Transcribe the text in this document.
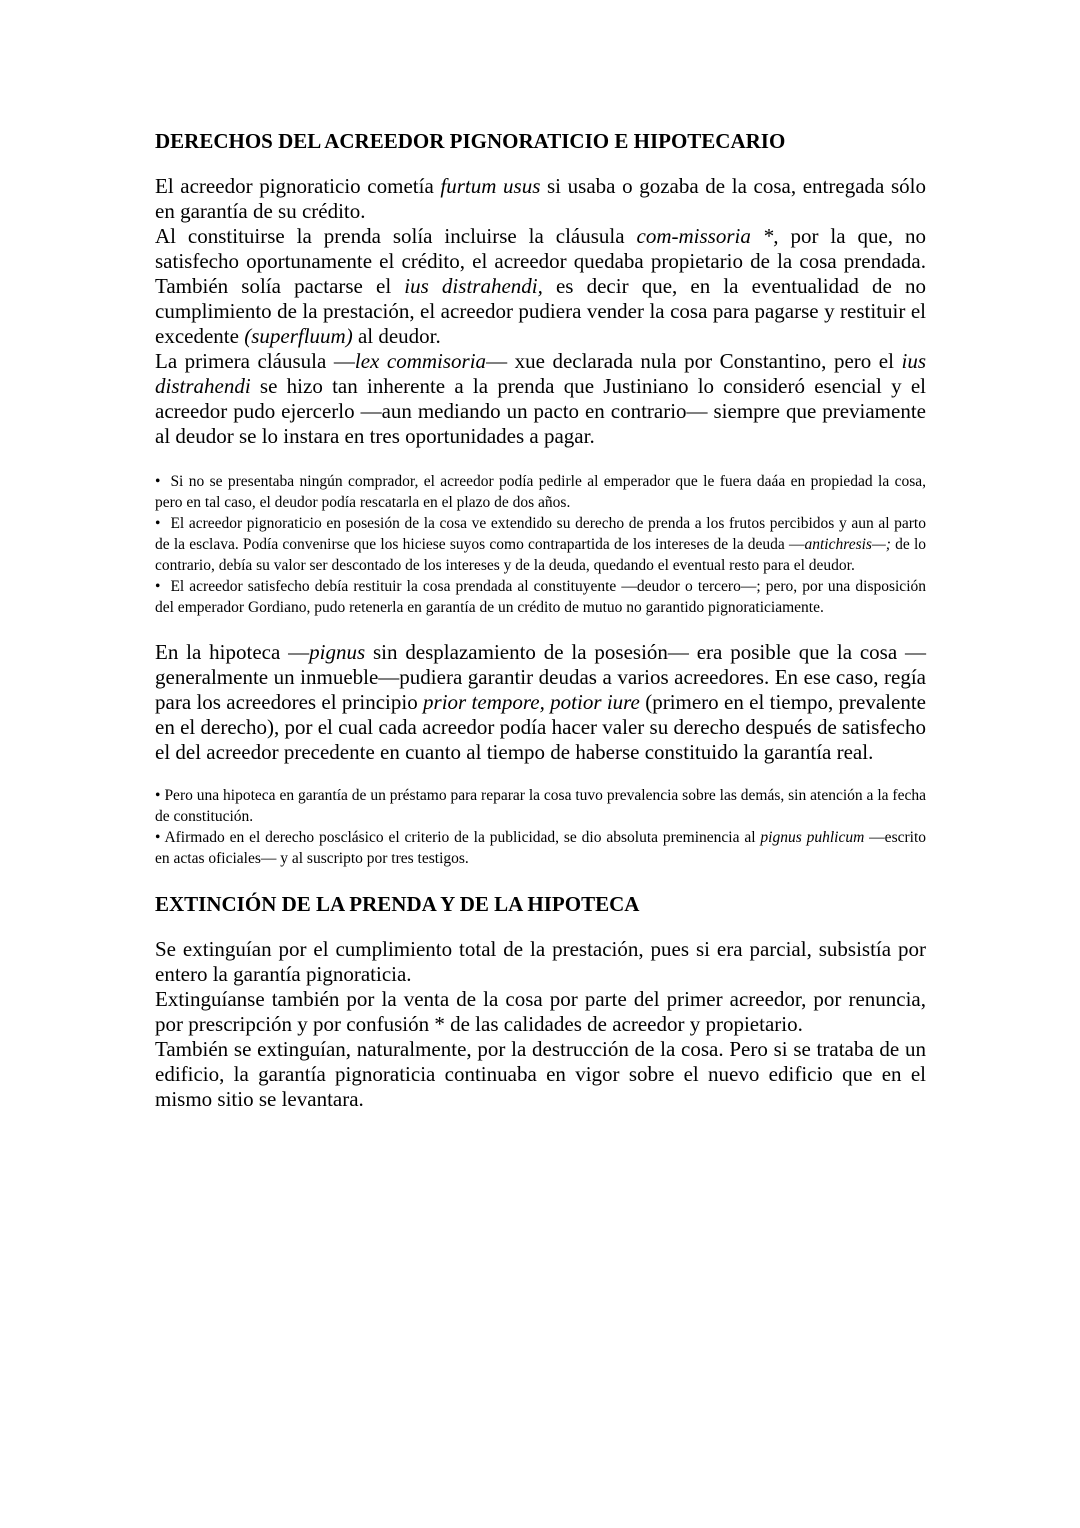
DERECHOS DEL ACREEDOR PIGNORATICIO E HIPOTECARIO

El acreedor pignoraticio cometía furtum usus si usaba o gozaba de la cosa, entregada sólo en garantía de su crédito.

Al constituirse la prenda solía incluirse la cláusula com-missoria *, por la que, no satisfecho oportunamente el crédito, el acreedor quedaba propietario de la cosa prendada. También solía pactarse el ius distrahendi, es decir que, en la eventualidad de no cumplimiento de la prestación, el acreedor pudiera vender la cosa para pagarse y restituir el excedente (superfluum) al deudor.

La primera cláusula —lex commisoria— xue declarada nula por Constantino, pero el ius distrahendi se hizo tan inherente a la prenda que Justiniano lo consideró esencial y el acreedor pudo ejercerlo —aun mediando un pacto en contrario— siempre que previamente al deudor se lo instara en tres oportunidades a pagar.

• Si no se presentaba ningún comprador, el acreedor podía pedirle al emperador que le fuera daáa en propiedad la cosa, pero en tal caso, el deudor podía rescatarla en el plazo de dos años.

• El acreedor pignoraticio en posesión de la cosa ve extendido su derecho de prenda a los frutos percibidos y aun al parto de la esclava. Podía convenirse que los hiciese suyos como contrapartida de los intereses de la deuda —antichresis—; de lo contrario, debía su valor ser descontado de los intereses y de la deuda, quedando el eventual resto para el deudor.

• El acreedor satisfecho debía restituir la cosa prendada al constituyente —deudor o tercero—; pero, por una disposición del emperador Gordiano, pudo retenerla en garantía de un crédito de mutuo no garantido pignoraticiamente.

En la hipoteca —pignus sin desplazamiento de la posesión— era posible que la cosa —generalmente un inmueble—pudiera garantir deudas a varios acreedores. En ese caso, regía para los acreedores el principio prior tempore, potior iure (primero en el tiempo, prevalente en el derecho), por el cual cada acreedor podía hacer valer su derecho después de satisfecho el del acreedor precedente en cuanto al tiempo de haberse constituido la garantía real.

• Pero una hipoteca en garantía de un préstamo para reparar la cosa tuvo prevalencia sobre las demás, sin atención a la fecha de constitución.

• Afirmado en el derecho posclásico el criterio de la publicidad, se dio absoluta preminencia al pignus puhlicum —escrito en actas oficiales— y al suscripto por tres testigos.

EXTINCIÓN DE LA PRENDA Y DE LA HIPOTECA

Se extinguían por el cumplimiento total de la prestación, pues si era parcial, subsistía por entero la garantía pignoraticia.

Extinguíanse también por la venta de la cosa por parte del primer acreedor, por renuncia, por prescripción y por confusión * de las calidades de acreedor y propietario.

También se extinguían, naturalmente, por la destrucción de la cosa. Pero si se trataba de un edificio, la garantía pignoraticia continuaba en vigor sobre el nuevo edificio que en el mismo sitio se levantara.
